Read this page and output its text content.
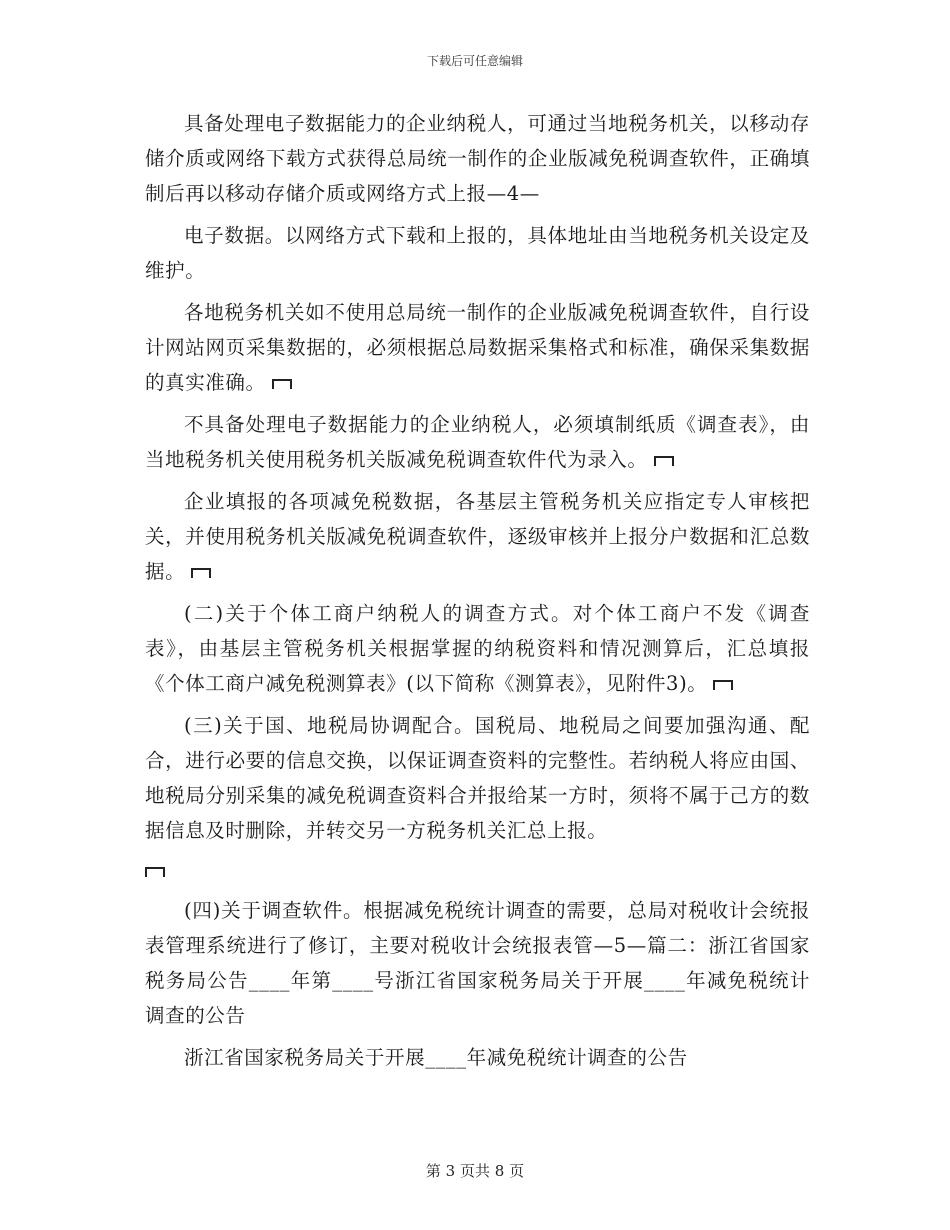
下载后可任意编辑

具备处理电子数据能力的企业纳税人，可通过当地税务机关，以移动存储介质或网络下载方式获得总局统一制作的企业版减免税调查软件，正确填制后再以移动存储介质或网络方式上报—4—

电子数据。以网络方式下载和上报的，具体地址由当地税务机关设定及维护。

各地税务机关如不使用总局统一制作的企业版减免税调查软件，自行设计网站网页采集数据的，必须根据总局数据采集格式和标准，确保采集数据的真实准确。

不具备处理电子数据能力的企业纳税人，必须填制纸质《调查表》，由当地税务机关使用税务机关版减免税调查软件代为录入。

企业填报的各项减免税数据，各基层主管税务机关应指定专人审核把关，并使用税务机关版减免税调查软件，逐级审核并上报分户数据和汇总数据。

(二)关于个体工商户纳税人的调查方式。对个体工商户不发《调查表》，由基层主管税务机关根据掌握的纳税资料和情况测算后，汇总填报《个体工商户减免税测算表》(以下简称《测算表》，见附件3)。

(三)关于国、地税局协调配合。国税局、地税局之间要加强沟通、配合，进行必要的信息交换，以保证调查资料的完整性。若纳税人将应由国、地税局分别采集的减免税调查资料合并报给某一方时，须将不属于己方的数据信息及时删除，并转交另一方税务机关汇总上报。

(四)关于调查软件。根据减免税统计调查的需要，总局对税收计会统报表管理系统进行了修订，主要对税收计会统报表管—5—篇二：浙江省国家税务局公告____年第____号浙江省国家税务局关于开展____年减免税统计调查的公告

浙江省国家税务局关于开展____年减免税统计调查的公告

第 3 页共 8 页
